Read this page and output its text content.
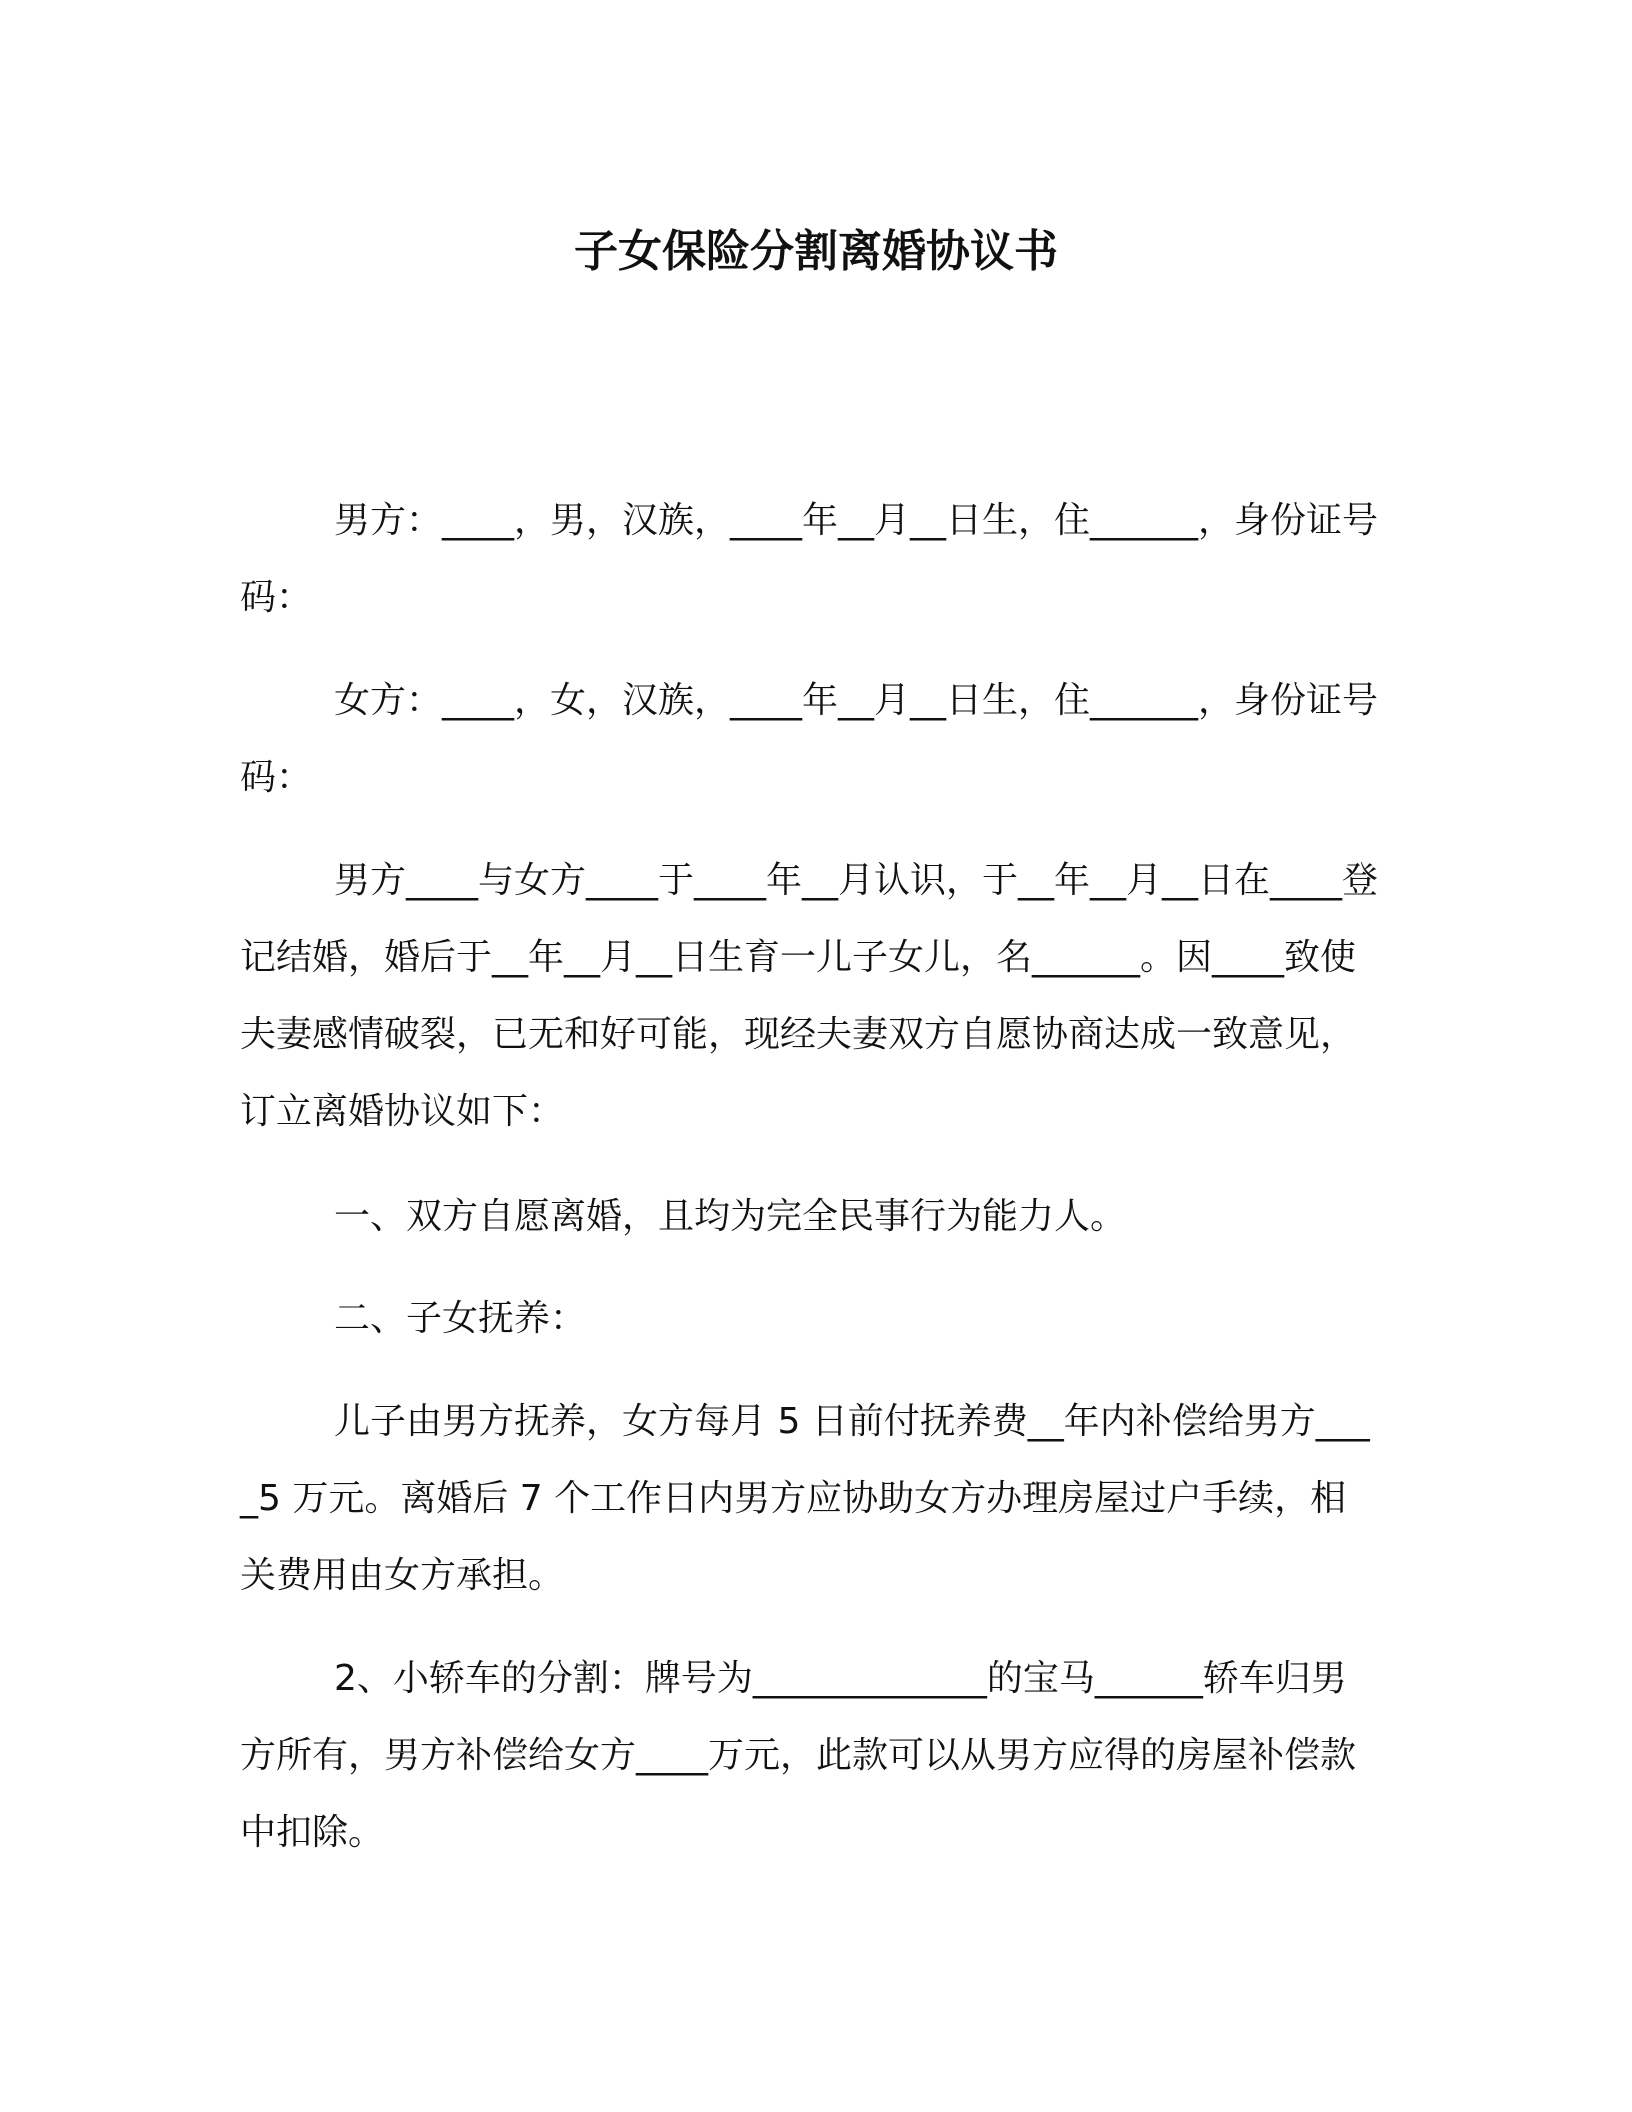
子女保险分割离婚协议书
男方：____，男，汉族，____年__月__日生，住______，身份证号码：
女方：____，女，汉族，____年__月__日生，住______，身份证号码：
男方____与女方____于____年__月认识，于__年__月__日在____登记结婚，婚后于__年__月__日生育一儿子女儿，名______。因____致使夫妻感情破裂，已无和好可能，现经夫妻双方自愿协商达成一致意见，订立离婚协议如下：
一、双方自愿离婚，且均为完全民事行为能力人。
二、子女抚养：
儿子由男方抚养，女方每月 5 日前付抚养费__年内补偿给男方____5 万元。离婚后 7 个工作日内男方应协助女方办理房屋过户手续，相关费用由女方承担。
2、小轿车的分割：牌号为_____________的宝马______轿车归男方所有，男方补偿给女方____万元，此款可以从男方应得的房屋补偿款中扣除。
